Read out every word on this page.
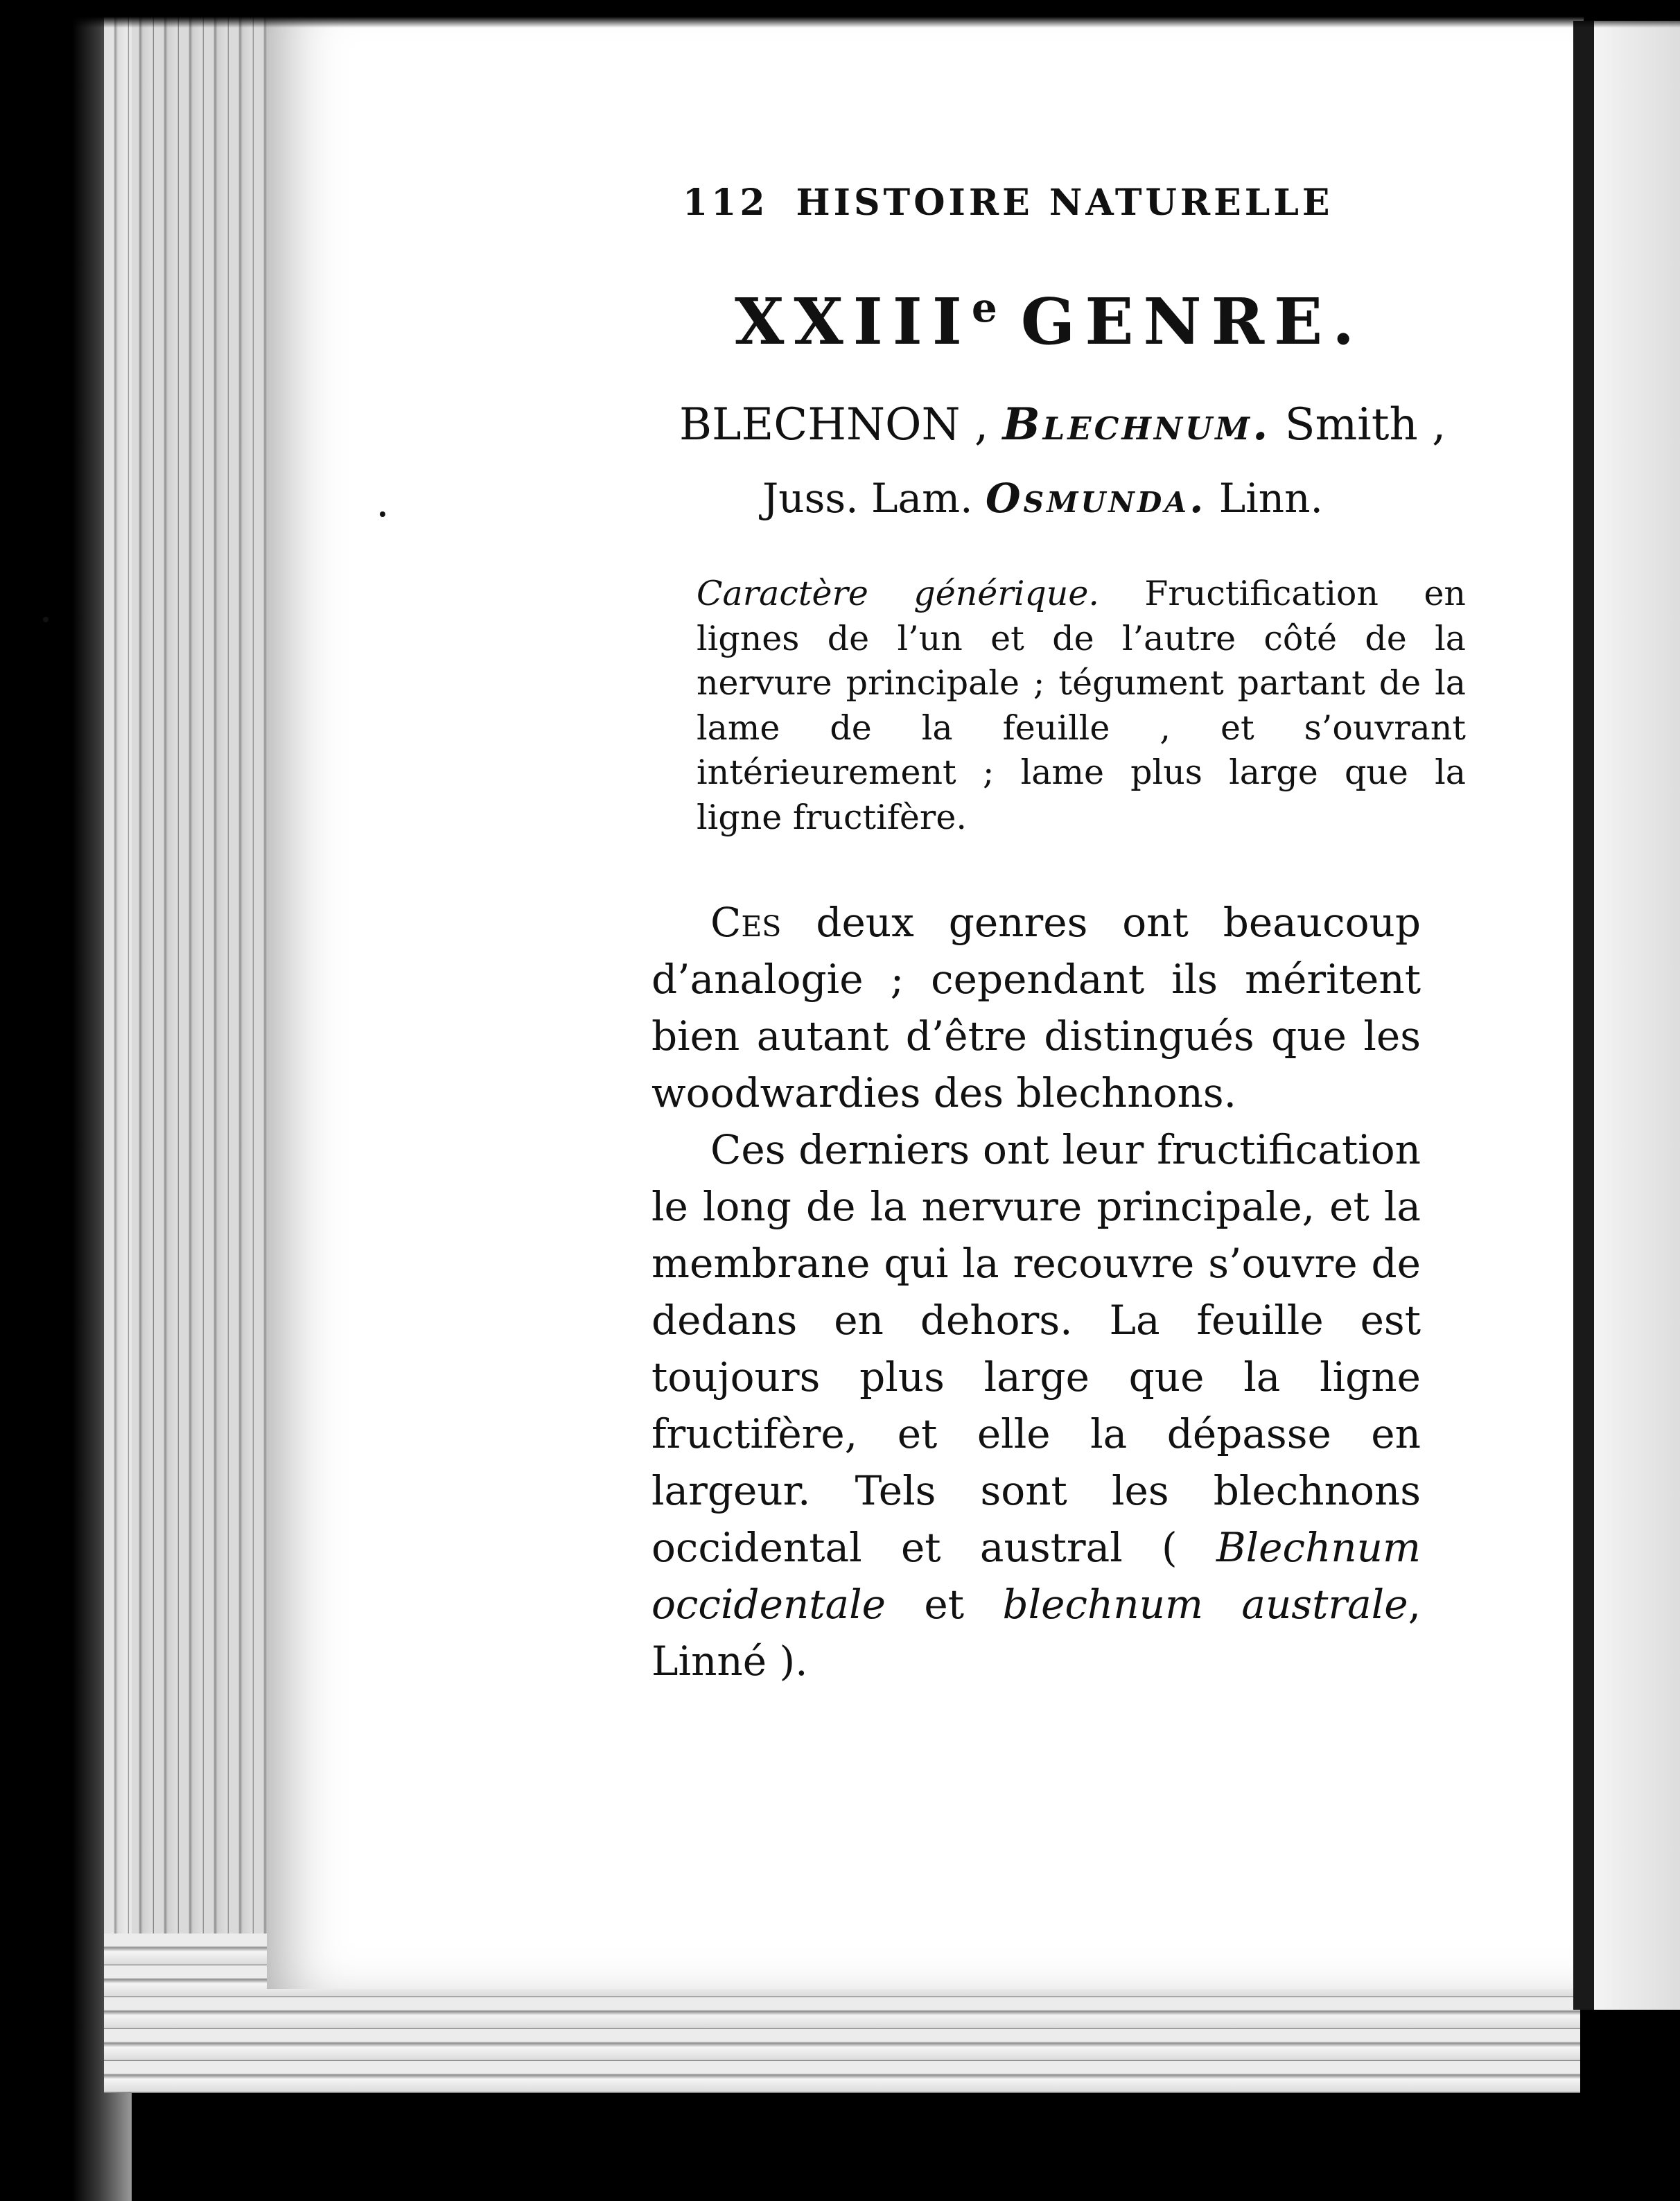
112 HISTOIRE NATURELLE
XXIIIe GENRE.
BLECHNON , Blechnum. Smith ,
Juss. Lam. Osmunda. Linn.
Caractère générique. Fructification en lignes de l’un et de l’autre côté de la nervure principale ; tégument partant de la lame de la feuille , et s’ouvrant intérieurement ; lame plus large que la ligne fructifère.

Ces deux genres ont beaucoup d’analogie ; cependant ils méritent bien autant d’être distingués que les woodwardies des blechnons.

Ces derniers ont leur fructification le long de la nervure principale, et la membrane qui la recouvre s’ouvre de dedans en dehors. La feuille est toujours plus large que la ligne fructifère, et elle la dépasse en largeur. Tels sont les blechnons occidental et austral ( Blechnum occidentale et blechnum australe, Linné ).
